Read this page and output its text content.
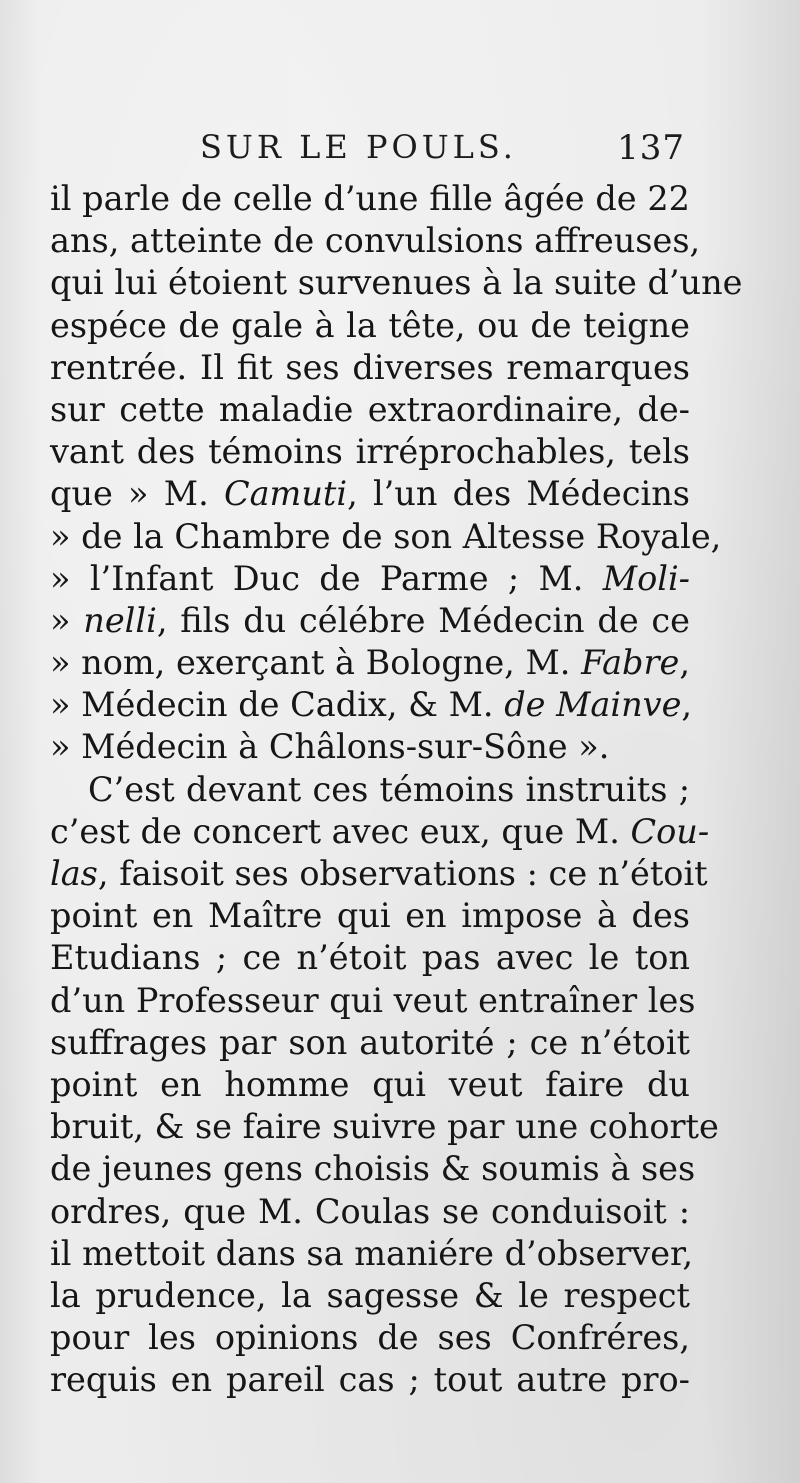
SUR LE POULS.	137
il parle de celle d’une fille âgée de 22
ans, atteinte de convulsions affreuses,
qui lui étoient survenues à la suite d’une
espéce de gale à la tête, ou de teigne
rentrée. Il fit ses diverses remarques
sur cette maladie extraordinaire, de-
vant des témoins irréprochables, tels
que » M. Camuti, l’un des Médecins
» de la Chambre de son Altesse Royale,
» l’Infant Duc de Parme ; M. Moli-
» nelli, fils du célébre Médecin de ce
» nom, exerçant à Bologne, M. Fabre,
» Médecin de Cadix, & M. de Mainve,
» Médecin à Châlons-sur-Sône ».
C’est devant ces témoins instruits ;
c’est de concert avec eux, que M. Cou-
las, faisoit ses observations : ce n’étoit
point en Maître qui en impose à des
Etudians ; ce n’étoit pas avec le ton
d’un Professeur qui veut entraîner les
suffrages par son autorité ; ce n’étoit
point en homme qui veut faire du
bruit, & se faire suivre par une cohorte
de jeunes gens choisis & soumis à ses
ordres, que M. Coulas se conduisoit :
il mettoit dans sa maniére d’observer,
la prudence, la sagesse & le respect
pour les opinions de ses Confréres,
requis en pareil cas ; tout autre pro-
